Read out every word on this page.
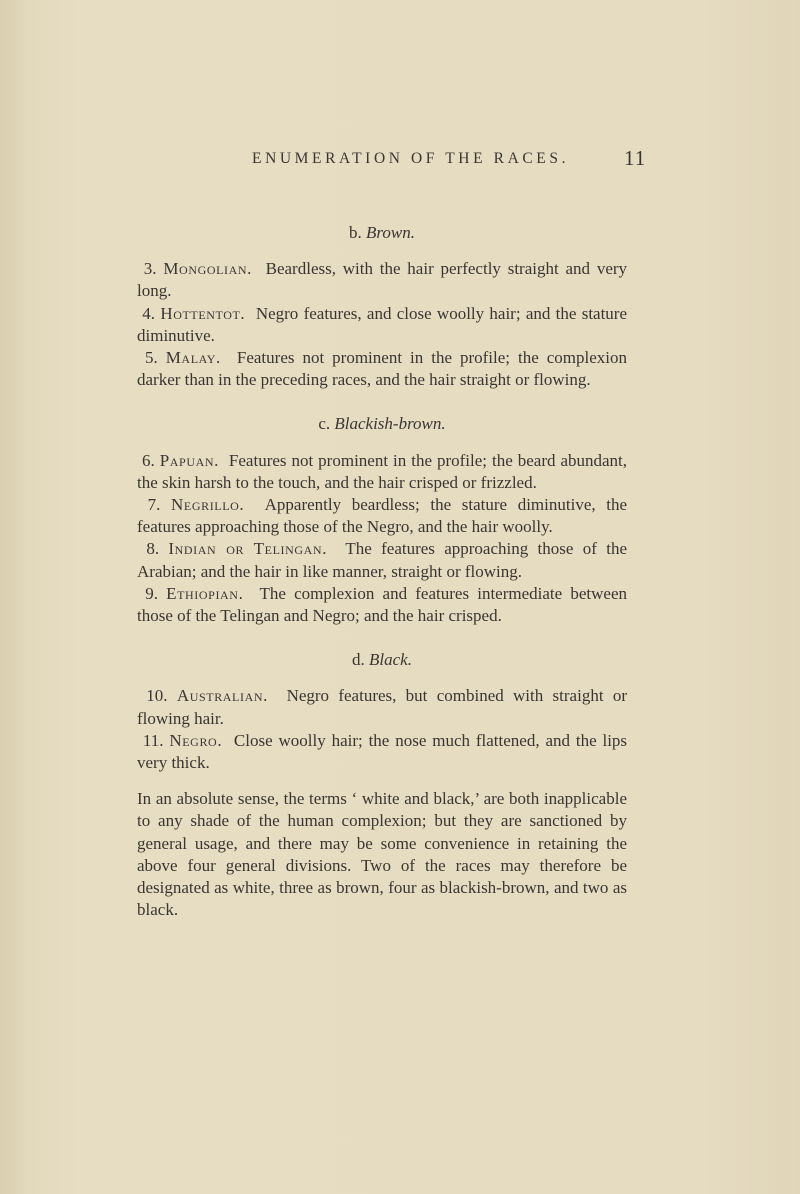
ENUMERATION OF THE RACES.	11

b. Brown.

3. Mongolian. Beardless, with the hair perfectly straight and very long.

4. Hottentot. Negro features, and close woolly hair; and the stature diminutive.

5. Malay. Features not prominent in the profile; the complexion darker than in the preceding races, and the hair straight or flowing.

c. Blackish-brown.

6. Papuan. Features not prominent in the profile; the beard abundant, the skin harsh to the touch, and the hair crisped or frizzled.

7. Negrillo. Apparently beardless; the stature diminutive, the features approaching those of the Negro, and the hair woolly.

8. Indian or Telingan. The features approaching those of the Arabian; and the hair in like manner, straight or flowing.

9. Ethiopian. The complexion and features intermediate between those of the Telingan and Negro; and the hair crisped.

d. Black.

10. Australian. Negro features, but combined with straight or flowing hair.

11. Negro. Close woolly hair; the nose much flattened, and the lips very thick.

In an absolute sense, the terms ‘ white and black,’ are both inapplicable to any shade of the human complexion; but they are sanctioned by general usage, and there may be some convenience in retaining the above four general divisions. Two of the races may therefore be designated as white, three as brown, four as blackish-brown, and two as black.
